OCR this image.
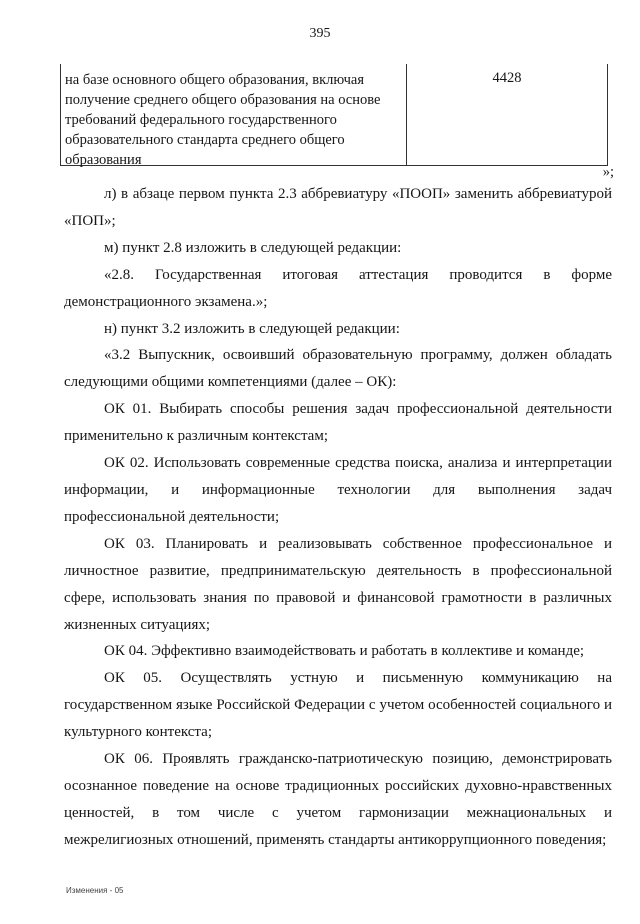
395
на базе основного общего образования, включая получение среднего общего образования на основе требований федерального государственного образовательного стандарта среднего общего образования
4428
»;

л) в абзаце первом пункта 2.3 аббревиатуру «ПООП» заменить аббревиатурой «ПОП»;

м) пункт 2.8 изложить в следующей редакции:

«2.8. Государственная итоговая аттестация проводится в форме демонстрационного экзамена.»;

н) пункт 3.2 изложить в следующей редакции:

«3.2 Выпускник, освоивший образовательную программу, должен обладать следующими общими компетенциями (далее – ОК):

ОК 01. Выбирать способы решения задач профессиональной деятельности применительно к различным контекстам;

ОК 02. Использовать современные средства поиска, анализа и интерпретации информации, и информационные технологии для выполнения задач профессиональной деятельности;

ОК 03. Планировать и реализовывать собственное профессиональное и личностное развитие, предпринимательскую деятельность в профессиональной сфере, использовать знания по правовой и финансовой грамотности в различных жизненных ситуациях;

ОК 04. Эффективно взаимодействовать и работать в коллективе и команде;

ОК 05. Осуществлять устную и письменную коммуникацию на государственном языке Российской Федерации с учетом особенностей социального и культурного контекста;

ОК 06. Проявлять гражданско-патриотическую позицию, демонстрировать осознанное поведение на основе традиционных российских духовно-нравственных ценностей, в том числе с учетом гармонизации межнациональных и межрелигиозных отношений, применять стандарты антикоррупционного поведения;

Изменения - 05
